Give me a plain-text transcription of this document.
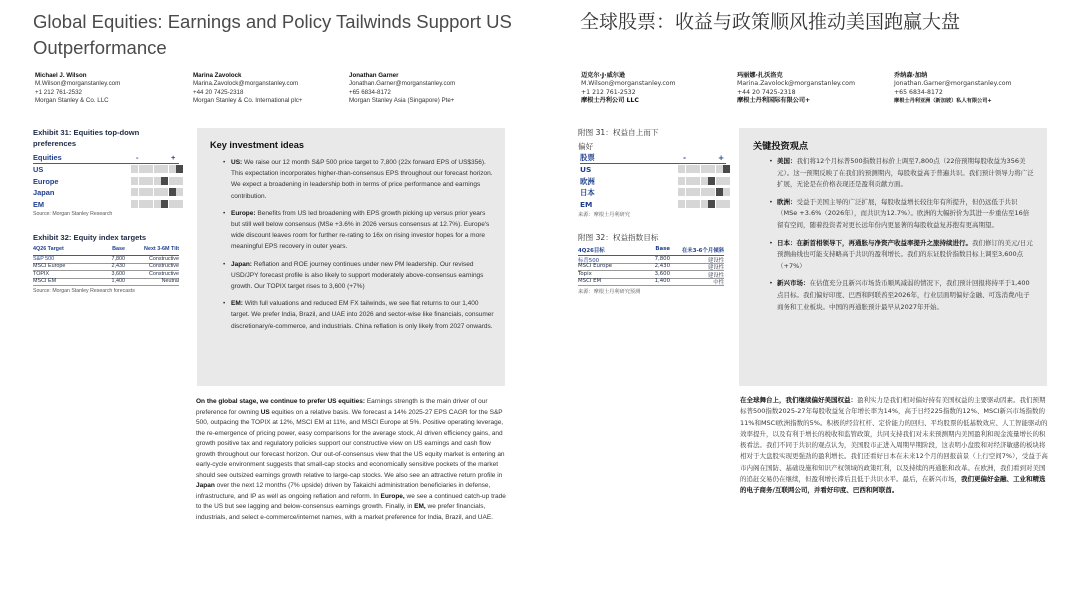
Global Equities: Earnings and Policy Tailwinds Support US Outperformance
Michael J. Wilson
M.Wilson@morganstanley.com
+1 212 761-2532
Morgan Stanley & Co. LLC
Marina Zavolock
Marina.Zavolock@morganstanley.com
+44 20 7425-2318
Morgan Stanley & Co. International plc+
Jonathan Garner
Jonathan.Garner@morganstanley.com
+65 6834-8172
Morgan Stanley Asia (Singapore) Pte+
Exhibit 31: Equities top-down preferences
Equities	-	+
US
Europe
Japan
EM
Source: Morgan Stanley Research
Exhibit 32: Equity index targets
4Q26 Target	Base	Next 3-6M Tilt
S&P 500	7,800	Constructive
MSCI Europe	2,430	Constructive
TOPIX	3,600	Constructive
MSCI EM	1,400	Neutral
Source: Morgan Stanley Research forecasts
Key investment ideas

• US: We raise our 12 month S&P 500 price target to 7,800 (22x forward EPS of US$356). This expectation incorporates higher-than-consensus EPS throughout our forecast horizon. We expect a broadening in leadership both in terms of price performance and earnings contribution.

• Europe: Benefits from US led broadening with EPS growth picking up versus prior years but still well below consensus (MSe +3.6% in 2026 versus consensus at 12.7%). Europe's wide discount leaves room for further re-rating to 16x on rising investor hopes for a more meaningful EPS recovery in outer years.

• Japan: Reflation and ROE journey continues under new PM leadership. Our revised USD/JPY forecast profile is also likely to support moderately above-consensus earnings growth. Our TOPIX target rises to 3,600 (+7%)

• EM: With full valuations and reduced EM FX tailwinds, we see flat returns to our 1,400 target. We prefer India, Brazil, and UAE into 2026 and sector-wise like financials, consumer discretionary/e-commerce, and industrials. China reflation is only likely from 2027 onwards.

On the global stage, we continue to prefer US equities: Earnings strength is the main driver of our preference for owning US equities on a relative basis. We forecast a 14% 2025-27 EPS CAGR for the S&P 500, outpacing the TOPIX at 12%, MSCI EM at 11%, and MSCI Europe at 5%. Positive operating leverage, the re-emergence of pricing power, easy comparisons for the average stock, AI driven efficiency gains, and growth positive tax and regulatory policies support our constructive view on US earnings and cash flow growth throughout our forecast horizon. Our out-of-consensus view that the US equity market is entering an early-cycle environment suggests that small-cap stocks and economically sensitive pockets of the market should see outsized earnings growth relative to large-cap stocks. We also see an attractive return profile in Japan over the next 12 months (7% upside) driven by Takaichi administration beneficiaries in defense, infrastructure, and IP as well as ongoing reflation and reform. In Europe, we see a continued catch-up trade to the US but see lagging and below-consensus earnings growth. Finally, in EM, we prefer financials, industrials, and select e-commerce/internet names, with a market preference for India, Brazil, and UAE.
全球股票：收益与政策顺风推动美国跑赢大盘
迈克尔·J·威尔逊
M.Wilson@morganstanley.com
+1 212 761-2532
摩根士丹利公司 LLC
玛丽娜·扎沃洛克
Marina.Zavolock@morganstanley.com
+44 20 7425-2318
摩根士丹利国际有限公司+
乔纳森·加纳
Jonathan.Garner@morganstanley.com
+65 6834-8172
摩根士丹利亚洲（新加坡）私人有限公司+
附图 31：权益自上而下
偏好
股票	-	+
US
欧洲
日本
EM
来源：摩根士丹利研究
附图 32：权益指数目标
4Q26目标	Base	在未3-6个月倾斜
标普500	7,800	建设性
MSCI Europe	2,430	建设性
Topix	3,600	建设性
MSCI EM	1,400	中性
来源：摩根士丹利研究预测
关键投资观点

• 美国：我们将12个月标普500指数目标价上调至7,800点（22倍预期每股收益为356美元）。这一预期反映了在我们的预测期内，每股收益高于普遍共识。我们预计领导力将广泛扩展，无论是在价格表现还是盈利贡献方面。

• 欧洲：受益于美国主导的广泛扩展，每股收益增长较往年有所提升，但仍远低于共识（MSe +3.6%（2026年），而共识为12.7%）。欧洲的大幅折价为其进一步重估至16倍留有空间，随着投资者对更长远年份内更显著的每股收益复苏抱有更高期望。

• 日本：在新首相领导下，再通胀与净资产收益率提升之旅持续进行。我们修订的美元/日元预测曲线也可能支持略高于共识的盈利增长。我们的东证股价指数目标上调至3,600点（+7%）

• 新兴市场：在估值充分且新兴市场货币顺风减弱的情况下，我们预计回报将持平于1,400点目标。我们偏好印度、巴西和阿联酋至2026年，行业层面明偏好金融、可选消费/电子商务和工业板块。中国的再通胀预计最早从2027年开始。

在全球舞台上，我们继续偏好美国权益：盈利实力是我们相对偏好持有美国权益的主要驱动因素。我们预期标普500指数2025-27年每股收益复合年增长率为14%，高于日经225指数的12%、MSCI新兴市场指数的11%和MSCI欧洲指数的5%。积极的经营杠杆、定价能力的回归、平均股票的低基数效应、人工智能驱动的效率提升，以及有利于增长的税收和监管政策，共同支持我们对未来预测期内美国盈利和现金流量增长的积极看法。我们不同于共识的观点认为，美国股市正进入周期早期阶段，这表明小盘股和对经济敏感的板块将相对于大盘股实现更强劲的盈利增长。我们还看好日本在未来12个月的回报前景（上行空间7%），受益于高市内阁在国防、基础设施和知识产权领域的政策红利，以及持续的再通胀和改革。在欧洲，我们看到对美国的追赶交易仍在继续，但盈利增长滞后且低于共识水平。最后，在新兴市场，我们更偏好金融、工业和精选的电子商务/互联网公司，并看好印度、巴西和阿联酋。
